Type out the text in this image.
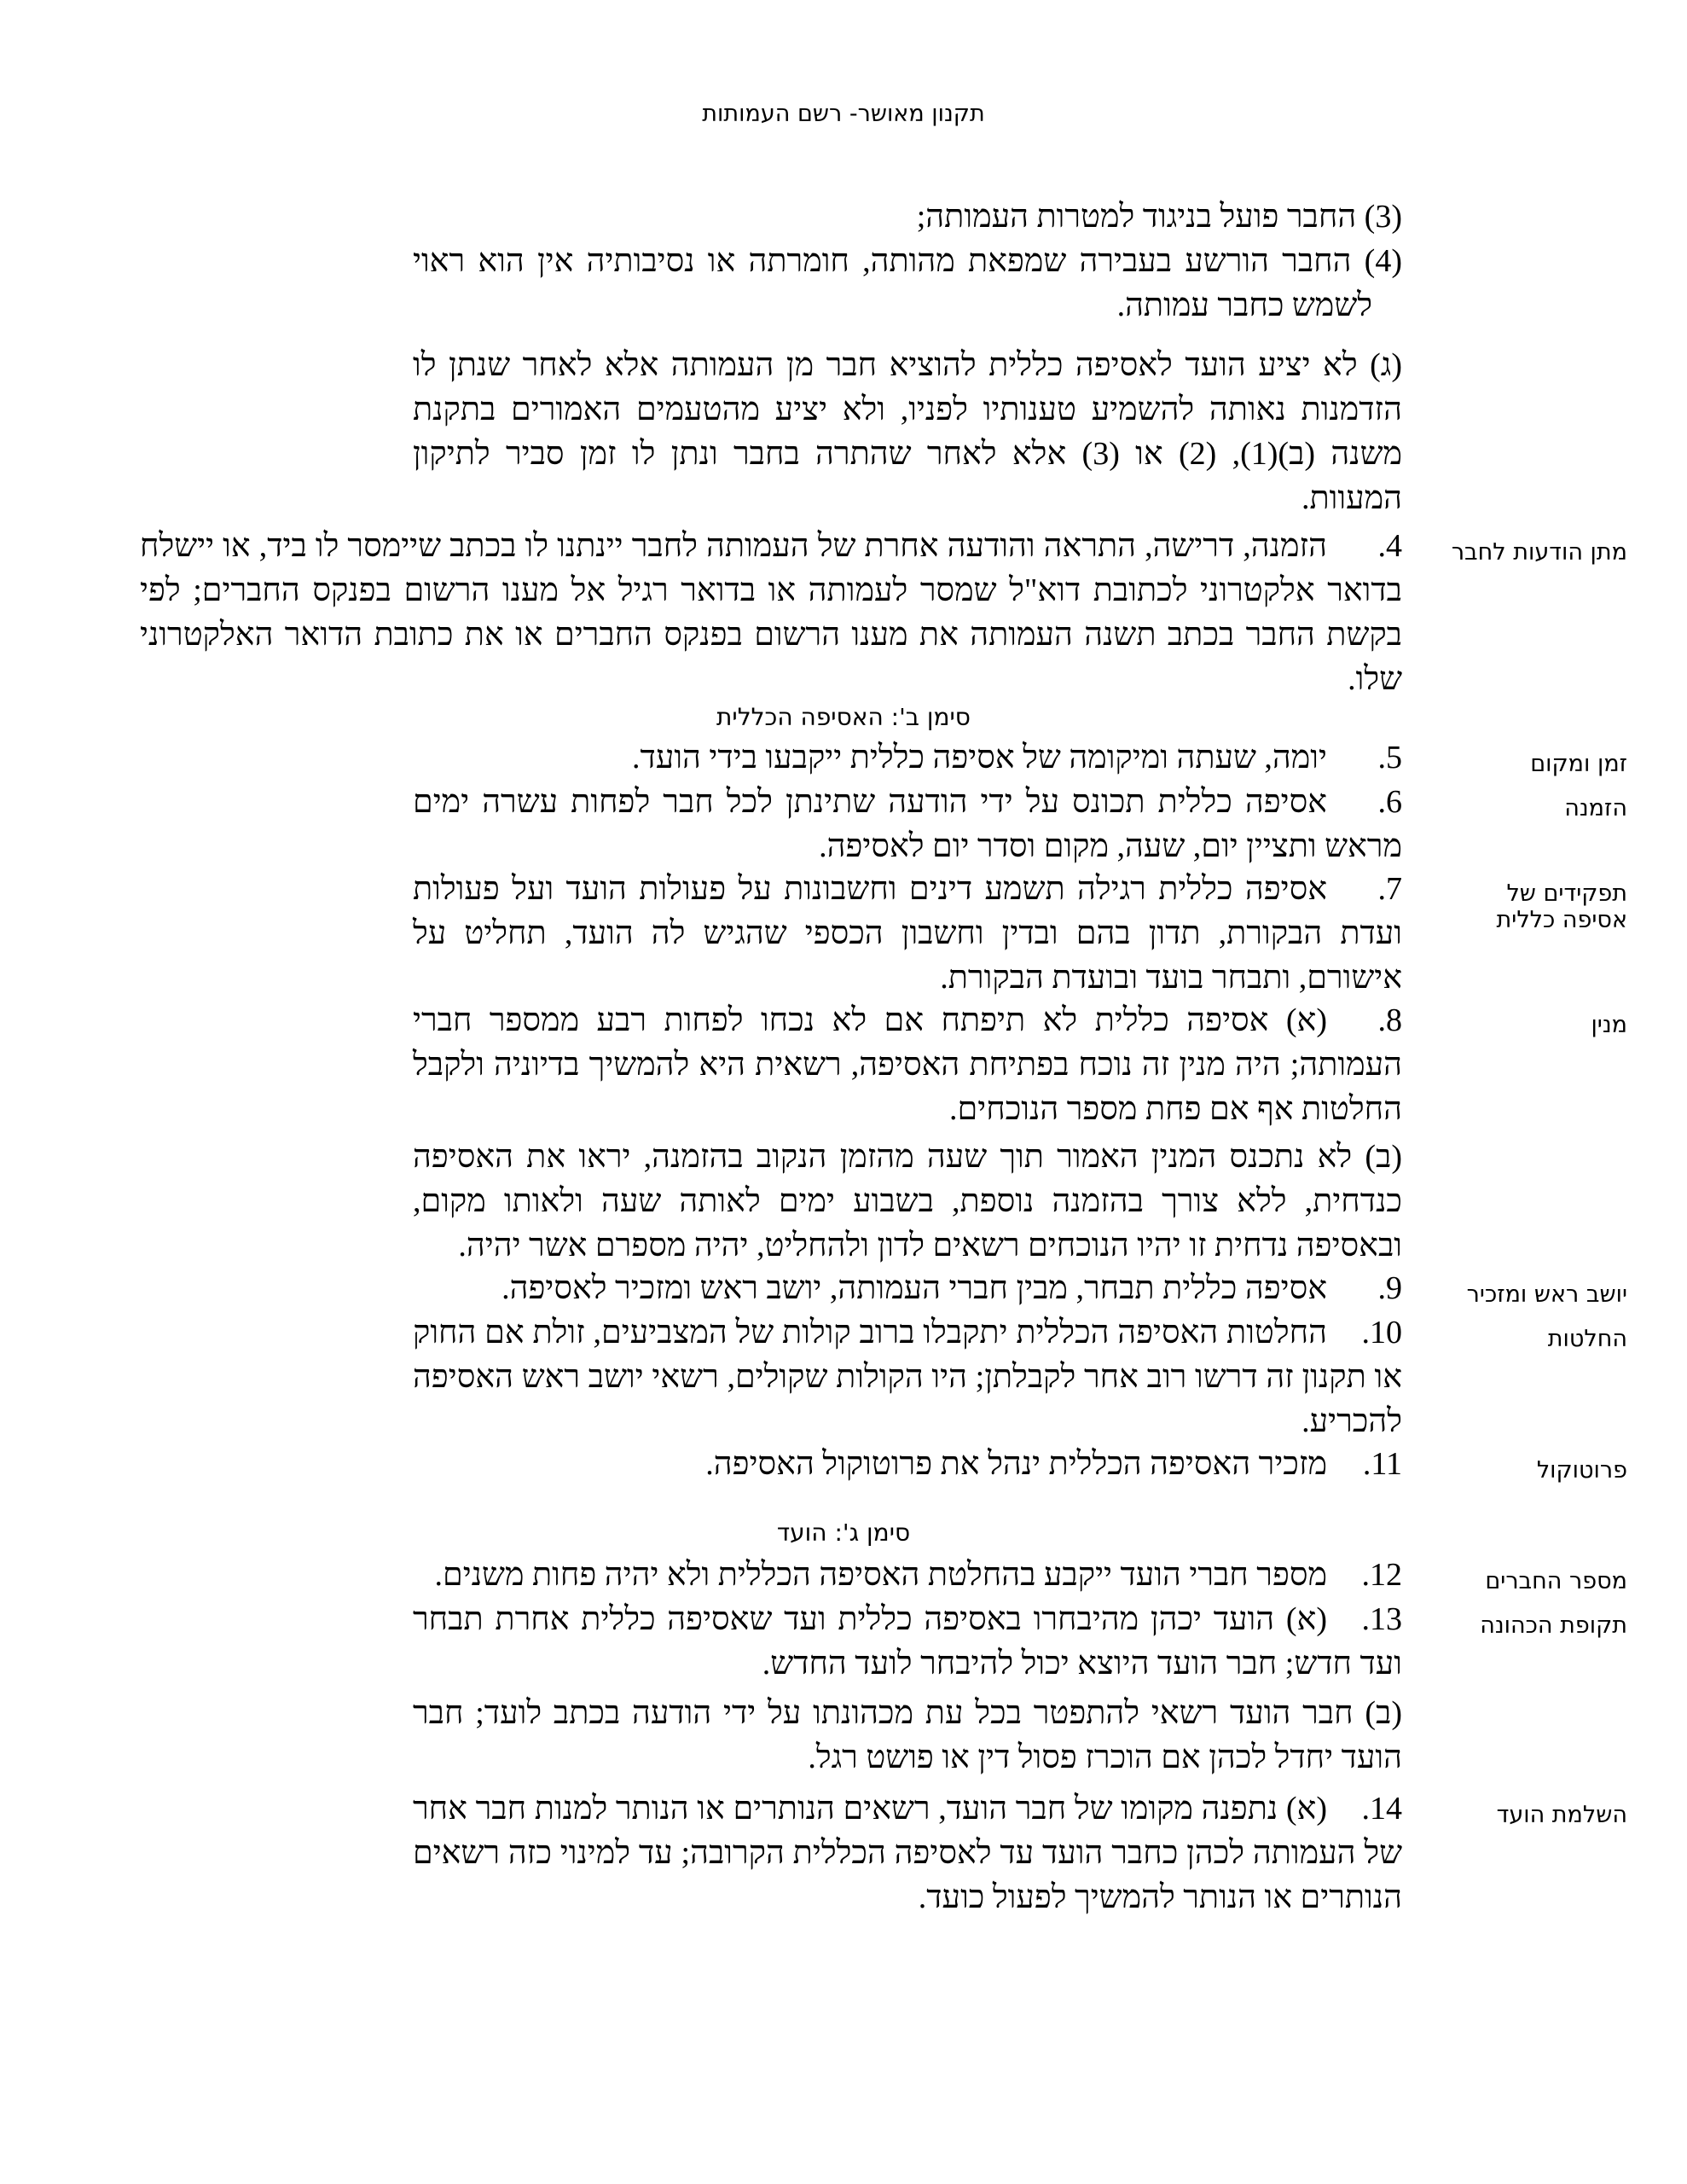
תקנון מאושר- רשם העמותות
(3) החבר פועל בניגוד למטרות העמותה;
(4) החבר הורשע בעבירה שמפאת מהותה, חומרתה או נסיבותיה אין הוא ראוי לשמש כחבר עמותה.
(ג) לא יציע הועד לאסיפה כללית להוציא חבר מן העמותה אלא לאחר שנתן לו הזדמנות נאותה להשמיע טענותיו לפניו, ולא יציע מהטעמים האמורים בתקנת משנה (ב)(1), (2) או (3) אלא לאחר שהתרה בחבר ונתן לו זמן סביר לתיקון המעוות.
מתן הודעות לחבר
4.הזמנה, דרישה, התראה והודעה אחרת של העמותה לחבר יינתנו לו בכתב שיימסר לו ביד, או יישלח בדואר אלקטרוני לכתובת דוא"ל שמסר לעמותה או בדואר רגיל אל מענו הרשום בפנקס החברים; לפי בקשת החבר בכתב תשנה העמותה את מענו הרשום בפנקס החברים או את כתובת הדואר האלקטרוני שלו.
סימן ב': האסיפה הכללית
זמן ומקום
5.יומה, שעתה ומיקומה של אסיפה כללית ייקבעו בידי הועד.
הזמנה
6.אסיפה כללית תכונס על ידי הודעה שתינתן לכל חבר לפחות עשרה ימים מראש ותציין יום, שעה, מקום וסדר יום לאסיפה.
תפקידים של אסיפה כללית
7.אסיפה כללית רגילה תשמע דינים וחשבונות על פעולות הועד ועל פעולות ועדת הבקורת, תדון בהם ובדין וחשבון הכספי שהגיש לה הועד, תחליט על אישורם, ותבחר בועד ובועדת הבקורת.
מנין
8.(א) אסיפה כללית לא תיפתח אם לא נכחו לפחות רבע ממספר חברי העמותה; היה מנין זה נוכח בפתיחת האסיפה, רשאית היא להמשיך בדיוניה ולקבל החלטות אף אם פחת מספר הנוכחים.
(ב) לא נתכנס המנין האמור תוך שעה מהזמן הנקוב בהזמנה, יראו את האסיפה כנדחית, ללא צורך בהזמנה נוספת, בשבוע ימים לאותה שעה ולאותו מקום, ובאסיפה נדחית זו יהיו הנוכחים רשאים לדון ולהחליט, יהיה מספרם אשר יהיה.
יושב ראש ומזכיר
9.אסיפה כללית תבחר, מבין חברי העמותה, יושב ראש ומזכיר לאסיפה.
החלטות
10.החלטות האסיפה הכללית יתקבלו ברוב קולות של המצביעים, זולת אם החוק או תקנון זה דרשו רוב אחר לקבלתן; היו הקולות שקולים, רשאי יושב ראש האסיפה להכריע.
פרוטוקול
11.מזכיר האסיפה הכללית ינהל את פרוטוקול האסיפה.
סימן ג': הועד
מספר החברים
12.מספר חברי הועד ייקבע בהחלטת האסיפה הכללית ולא יהיה פחות משנים.
תקופת הכהונה
13.(א) הועד יכהן מהיבחרו באסיפה כללית ועד שאסיפה כללית אחרת תבחר ועד חדש; חבר הועד היוצא יכול להיבחר לועד החדש.
(ב) חבר הועד רשאי להתפטר בכל עת מכהונתו על ידי הודעה בכתב לועד; חבר הועד יחדל לכהן אם הוכרז פסול דין או פושט רגל.
השלמת הועד
14.(א) נתפנה מקומו של חבר הועד, רשאים הנותרים או הנותר למנות חבר אחר של העמותה לכהן כחבר הועד עד לאסיפה הכללית הקרובה; עד למינוי כזה רשאים הנותרים או הנותר להמשיך לפעול כועד.
